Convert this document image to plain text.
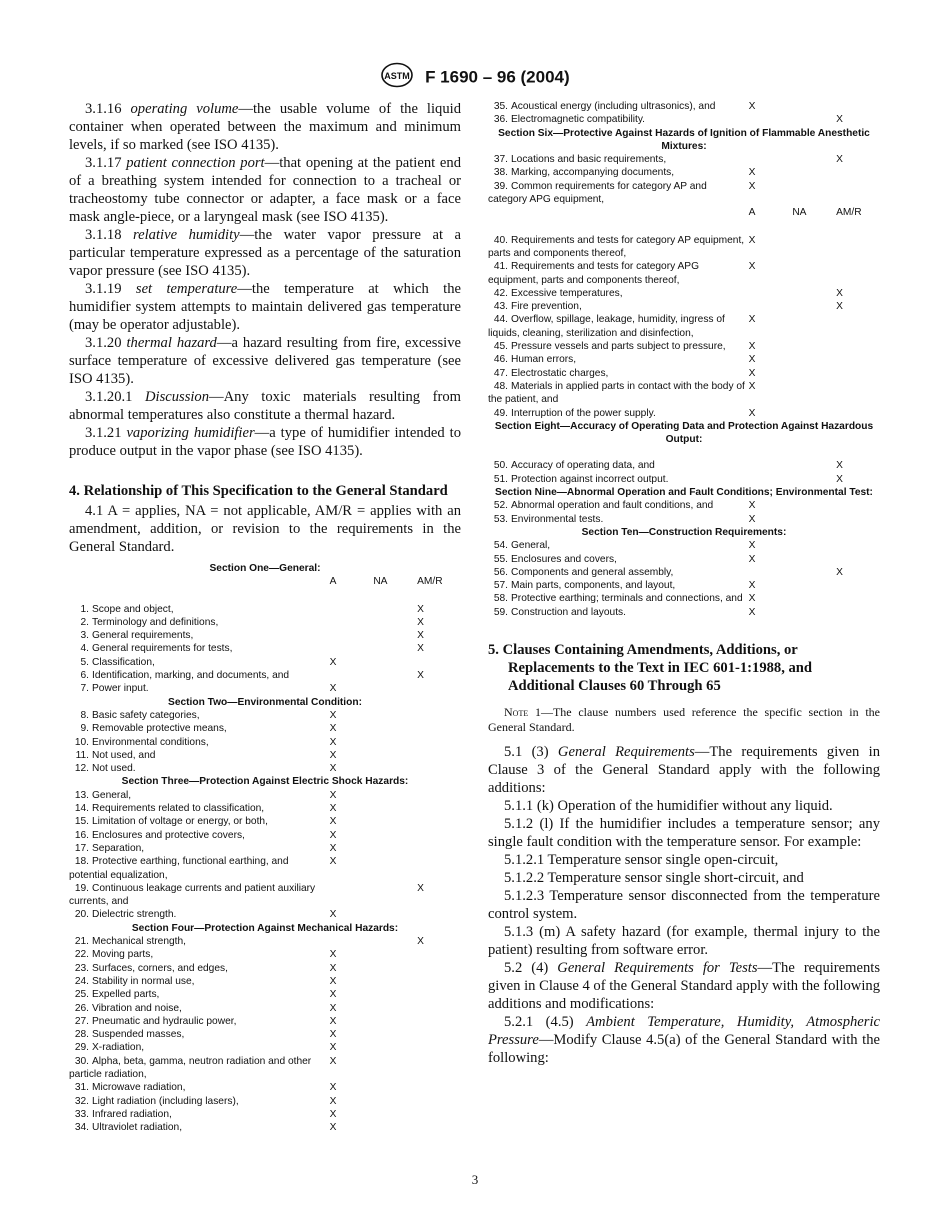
ASTM F 1690 – 96 (2004)
3.1.16 operating volume—the usable volume of the liquid container when operated between the maximum and minimum levels, if so marked (see ISO 4135).
3.1.17 patient connection port—that opening at the patient end of a breathing system intended for connection to a tracheal or tracheostomy tube connector or adapter, a face mask or a face mask angle-piece, or a laryngeal mask (see ISO 4135).
3.1.18 relative humidity—the water vapor pressure at a particular temperature expressed as a percentage of the saturation vapor pressure (see ISO 4135).
3.1.19 set temperature—the temperature at which the humidifier system attempts to maintain delivered gas temperature (may be operator adjustable).
3.1.20 thermal hazard—a hazard resulting from fire, excessive surface temperature of excessive delivered gas temperature (see ISO 4135).
3.1.20.1 Discussion—Any toxic materials resulting from abnormal temperatures also constitute a thermal hazard.
3.1.21 vaporizing humidifier—a type of humidifier intended to produce output in the vapor phase (see ISO 4135).
4. Relationship of This Specification to the General Standard
4.1 A = applies, NA = not applicable, AM/R = applies with an amendment, addition, or revision to the requirements in the General Standard.
Section One—General:			
	A	NA	AM/R
1. Scope and object,			X
2. Terminology and definitions,			X
3. General requirements,			X
4. General requirements for tests,			X
5. Classification,	X		
6. Identification, marking, and documents, and			X
7. Power input.	X		
Section Two—Environmental Condition:			
8. Basic safety categories,	X		
9. Removable protective means,	X		
10. Environmental conditions,	X		
11. Not used, and	X		
12. Not used.	X		
Section Three—Protection Against Electric Shock Hazards:			
13. General,	X		
14. Requirements related to classification,	X		
15. Limitation of voltage or energy, or both,	X		
16. Enclosures and protective covers,	X		
17. Separation,	X		
18. Protective earthing, functional earthing, and potential equalization,	X		
19. Continuous leakage currents and patient auxiliary currents, and			X
20. Dielectric strength.	X		
Section Four—Protection Against Mechanical Hazards:			
21. Mechanical strength,			X
22. Moving parts,	X		
23. Surfaces, corners, and edges,	X		
24. Stability in normal use,	X		
25. Expelled parts,	X		
26. Vibration and noise,	X		
27. Pneumatic and hydraulic power,	X		
28. Suspended masses,	X		
29. X-radiation,	X		
30. Alpha, beta, gamma, neutron radiation and other particle radiation,	X		
31. Microwave radiation,	X		
32. Light radiation (including lasers),	X		
33. Infrared radiation,	X		
34. Ultraviolet radiation,	X		
35. Acoustical energy (including ultrasonics), and	X		
36. Electromagnetic compatibility.			X
Section Six—Protective Against Hazards of Ignition of Flammable Anesthetic Mixtures:			
37. Locations and basic requirements,			X
38. Marking, accompanying documents,	X		
39. Common requirements for category AP and category APG equipment,	X		
	A	NA	AM/R
40. Requirements and tests for category AP equipment, parts and components thereof,	X		
41. Requirements and tests for category APG equipment, parts and components thereof,	X		
42. Excessive temperatures,			X
43. Fire prevention,			X
44. Overflow, spillage, leakage, humidity, ingress of liquids, cleaning, sterilization and disinfection,	X		
45. Pressure vessels and parts subject to pressure,	X		
46. Human errors,	X		
47. Electrostatic charges,	X		
48. Materials in applied parts in contact with the body of the patient, and	X		
49. Interruption of the power supply.	X		
Section Eight—Accuracy of Operating Data and Protection Against Hazardous Output:			

50. Accuracy of operating data, and			X
51. Protection against incorrect output.			X
Section Nine—Abnormal Operation and Fault Conditions; Environmental Test:			
52. Abnormal operation and fault conditions, and	X		
53. Environmental tests.	X		
Section Ten—Construction Requirements:			
54. General,	X		
55. Enclosures and covers,	X		
56. Components and general assembly,			X
57. Main parts, components, and layout,	X		
58. Protective earthing; terminals and connections, and	X		
59. Construction and layouts.	X		
5. Clauses Containing Amendments, Additions, or Replacements to the Text in IEC 601-1:1988, and Additional Clauses 60 Through 65
Note 1—The clause numbers used reference the specific section in the General Standard.
5.1 (3) General Requirements—The requirements given in Clause 3 of the General Standard apply with the following additions:
5.1.1 (k) Operation of the humidifier without any liquid.
5.1.2 (l) If the humidifier includes a temperature sensor; any single fault condition with the temperature sensor. For example:
5.1.2.1 Temperature sensor single open-circuit,
5.1.2.2 Temperature sensor single short-circuit, and
5.1.2.3 Temperature sensor disconnected from the temperature control system.
5.1.3 (m) A safety hazard (for example, thermal injury to the patient) resulting from software error.
5.2 (4) General Requirements for Tests—The requirements given in Clause 4 of the General Standard apply with the following additions and modifications:
5.2.1 (4.5) Ambient Temperature, Humidity, Atmospheric Pressure—Modify Clause 4.5(a) of the General Standard with the following:
3
